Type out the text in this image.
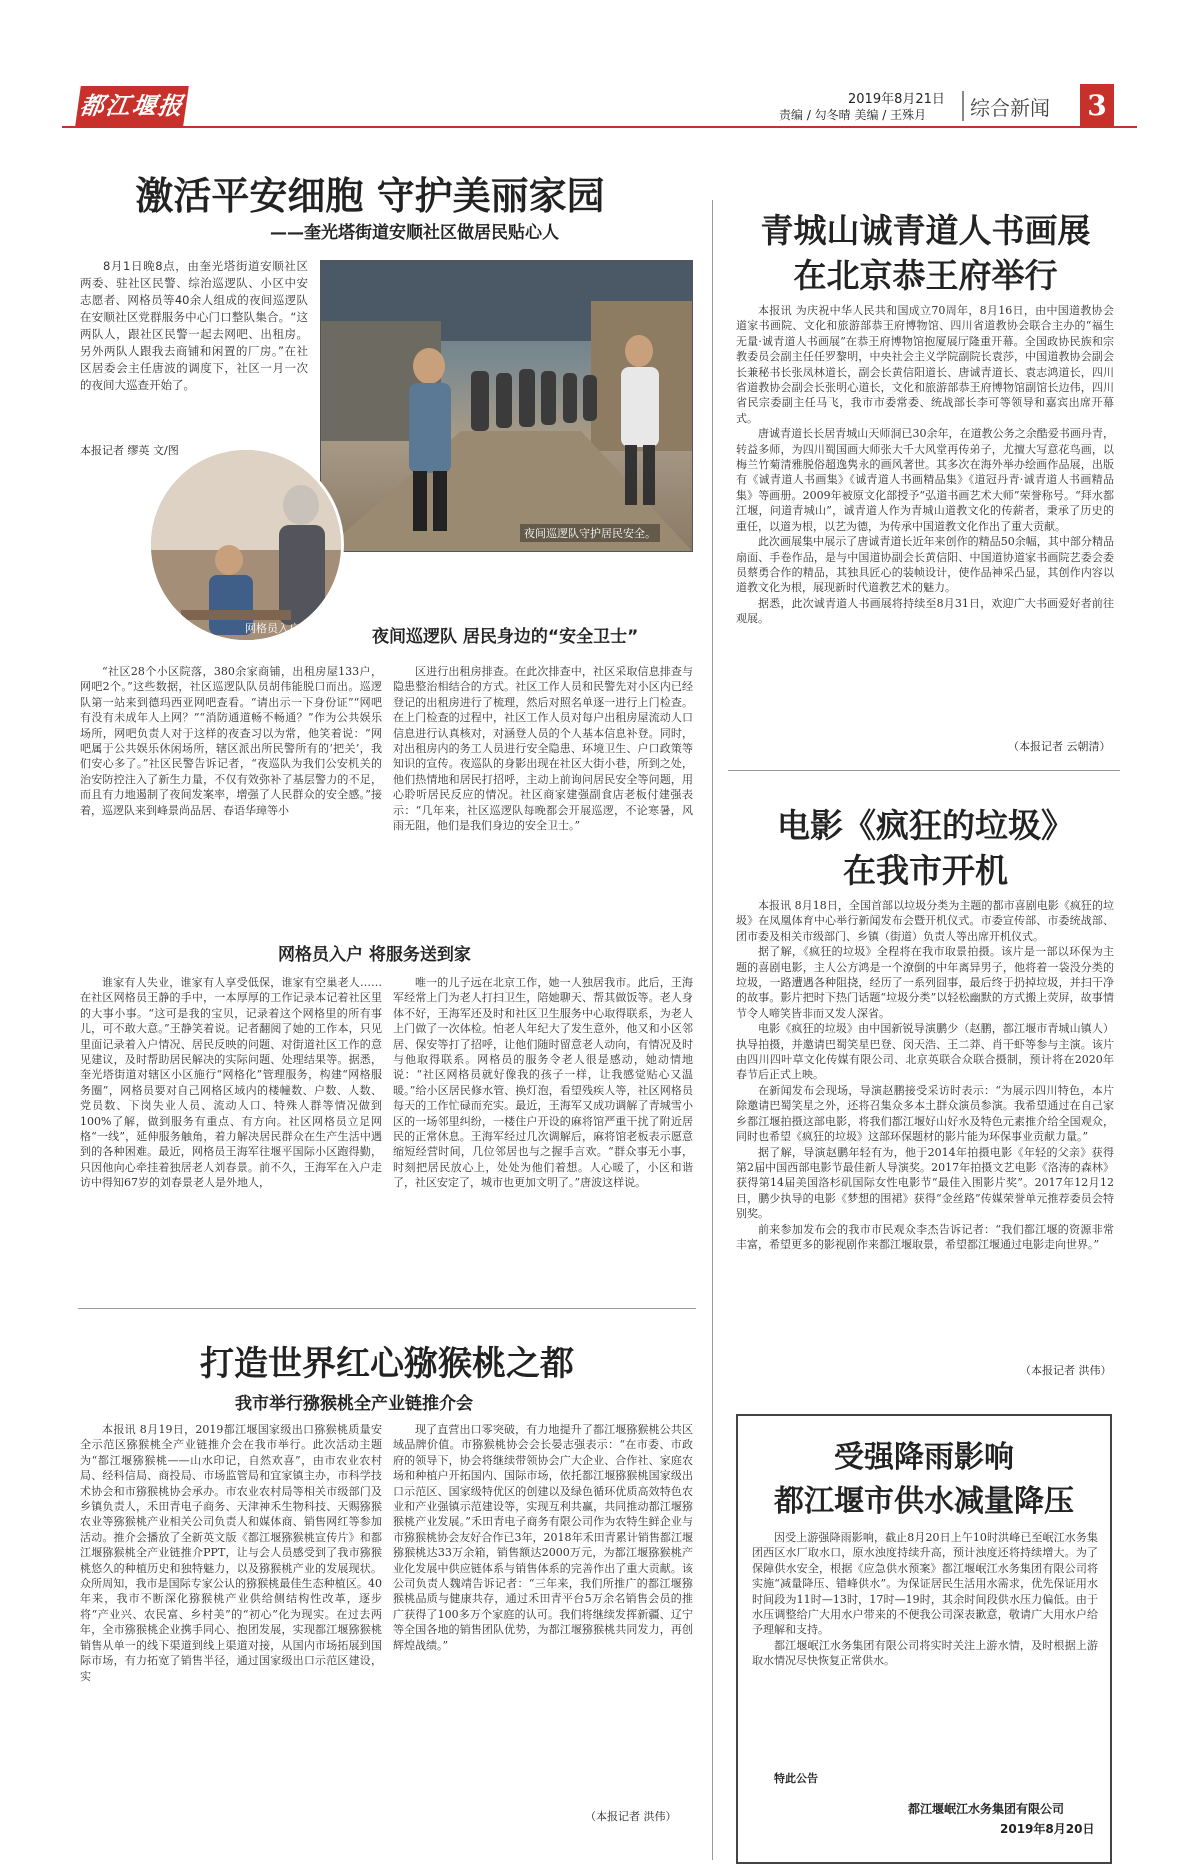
都江堰报	2019年8月21日
责编 / 勾冬晴 美编 / 王殊月 综合新闻 3
激活平安细胞 守护美丽家园
——奎光塔街道安顺社区做居民贴心人
8月1日晚8点，由奎光塔街道安顺社区两委、驻社区民警、综治巡逻队、小区中安志愿者、网格员等40余人组成的夜间巡逻队在安顺社区党群服务中心门口整队集合。“这两队人，跟社区民警一起去网吧、出租房。另外两队人跟我去商铺和闲置的厂房。”在社区居委会主任唐波的调度下，社区一月一次的夜间大巡查开始了。
本报记者 缪英 文/图
夜间巡逻队守护居民安全。
网格员入户走访服务。 夜间巡逻队 居民身边的“安全卫士”
“社区28个小区院落，380余家商铺，出租房屋133户，网吧2个。”这些数据，社区巡逻队队员胡伟能脱口而出。巡逻队第一站来到德玛西亚网吧查看。“请出示一下身份证”“网吧有没有未成年人上网？”“消防通道畅不畅通？”作为公共娱乐场所，网吧负责人对于这样的夜查习以为常，他笑着说：“网吧属于公共娱乐休闲场所，辖区派出所民警所有的‘把关’，我们安心多了。”社区民警告诉记者，“夜巡队为我们公安机关的治安防控注入了新生力量，不仅有效弥补了基层警力的不足，而且有力地遏制了夜间发案率，增强了人民群众的安全感。”接着，巡逻队来到峰景尚品居、春语华璋等小
区进行出租房排查。在此次排查中，社区采取信息排查与隐患整治相结合的方式。社区工作人员和民警先对小区内已经登记的出租房进行了梳理，然后对照名单逐一进行上门检查。在上门检查的过程中，社区工作人员对每户出租房屋流动人口信息进行认真核对，对涵登人员的个人基本信息补登。同时，对出租房内的务工人员进行安全隐患、环境卫生、户口政策等知识的宣传。夜巡队的身影出现在社区大街小巷，所到之处，他们热情地和居民打招呼，主动上前询问居民安全等问题，用心聆听居民反应的情况。社区商家建强副食店老板付建强表示：“几年来，社区巡逻队每晚都会开展巡逻，不论寒暑，风雨无阻，他们是我们身边的安全卫士。”
网格员入户 将服务送到家
谁家有人失业，谁家有人享受低保，谁家有空巢老人……在社区网格员王静的手中，一本厚厚的工作记录本记着社区里的大事小事。“这可是我的宝贝，记录着这个网格里的所有事儿，可不敢大意。”王静笑着说。记者翻阅了她的工作本，只见里面记录着入户情况、居民反映的问题、对街道社区工作的意见建议，及时帮助居民解决的实际问题、处理结果等。据悉，奎光塔街道对辖区小区施行“网格化”管理服务，构建“网格服务圈”，网格员要对自己网格区域内的楼幢数、户数、人数、党员数、下岗失业人员、流动人口、特殊人群等情况做到100%了解，做到服务有重点、有方向。社区网格员立足网格“一线”，延伸服务触角，着力解决居民群众在生产生活中遇到的各种困难。最近，网格员王海军往堰平国际小区跑得勤，只因他向心牵挂着独居老人刘春景。前不久，王海军在入户走访中得知67岁的刘春景老人是外地人，
唯一的儿子远在北京工作，她一人独居我市。此后，王海军经常上门为老人打扫卫生，陪她聊天、帮其做饭等。老人身体不好，王海军还及时和社区卫生服务中心取得联系，为老人上门做了一次体检。怕老人年纪大了发生意外，他又和小区邻居、保安等打了招呼，让他们随时留意老人动向，有情况及时与他取得联系。网格员的服务令老人很是感动，她动情地说：“社区网格员就好像我的孩子一样，让我感觉贴心又温暖。”给小区居民修水管、换灯泡，看望残疾人等，社区网格员每天的工作忙碌而充实。最近，王海军又成功调解了青城雪小区的一场邻里纠纷，一楼住户开设的麻将馆严重干扰了附近居民的正常休息。王海军经过几次调解后，麻将馆老板表示愿意缩短经营时间，几位邻居也与之握手言欢。“群众事无小事，时刻把居民放心上，处处为他们着想。人心暖了，小区和谐了，社区安定了，城市也更加文明了。”唐波这样说。
打造世界红心猕猴桃之都
我市举行猕猴桃全产业链推介会
本报讯 8月19日，2019都江堰国家级出口猕猴桃质量安全示范区猕猴桃全产业链推介会在我市举行。此次活动主题为“都江堰猕猴桃——山水印记，自然欢喜”，由市农业农村局、经科信局、商投局、市场监管局和宜家镇主办，市科学技术协会和市猕猴桃协会承办。市农业农村局等相关市级部门及乡镇负责人，禾田青电子商务、天津神禾生物科技、天赐猕猴农业等猕猴桃产业相关公司负责人和媒体商、销售网红等参加活动。推介会播放了全新英文版《都江堰猕猴桃宣传片》和都江堰猕猴桃全产业链推介PPT，让与会人员感受到了我市猕猴桃悠久的种植历史和独特魅力，以及猕猴桃产业的发展现状。众所周知，我市是国际专家公认的猕猴桃最佳生态种植区。40年来，我市不断深化猕猴桃产业供给侧结构性改革，逐步将“产业兴、农民富、乡村美”的“初心”化为现实。在过去两年，全市猕猴桃企业携手同心、抱团发展，实现都江堰猕猴桃销售从单一的线下渠道到线上渠道对接，从国内市场拓展到国际市场，有力拓宽了销售半径，通过国家级出口示范区建设，实
现了直营出口零突破，有力地提升了都江堰猕猴桃公共区域品牌价值。市猕猴桃协会会长晏志强表示：“在市委、市政府的领导下，协会将继续带领协会广大企业、合作社、家庭农场和种植户开拓国内、国际市场，依托都江堰猕猴桃国家级出口示范区、国家级特优区的创建以及绿色循环优质高效特色农业和产业强镇示范建设等，实现互利共赢，共同推动都江堰猕猴桃产业发展。”禾田青电子商务有限公司作为农特生鲜企业与市猕猴桃协会友好合作已3年，2018年禾田青累计销售都江堰猕猴桃达33万余箱，销售额达2000万元，为都江堰猕猴桃产业化发展中供应链体系与销售体系的完善作出了重大贡献。该公司负责人魏靖告诉记者：“三年来，我们所推广的都江堰猕猴桃品质与健康共存，通过禾田青平台5万余名销售会员的推广获得了100多万个家庭的认可。我们将继续发挥新疆、辽宁等全国各地的销售团队优势，为都江堰猕猴桃共同发力，再创辉煌战绩。”
（本报记者 洪伟）
青城山诚青道人书画展
在北京恭王府举行

本报讯 为庆祝中华人民共和国成立70周年，8月16日，由中国道教协会道家书画院、文化和旅游部恭王府博物馆、四川省道教协会联合主办的“福生无量·诚青道人书画展”在恭王府博物馆抱厦展厅隆重开幕。全国政协民族和宗教委员会副主任任罗黎明，中央社会主义学院副院长袁莎，中国道教协会副会长兼秘书长张凤林道长，副会长黄信阳道长、唐诚青道长、袁志鸿道长，四川省道教协会副会长张明心道长，文化和旅游部恭王府博物馆副馆长边伟，四川省民宗委副主任马飞，我市市委常委、统战部长李可等领导和嘉宾出席开幕式。

唐诚青道长长居青城山天师洞已30余年，在道教公务之余酷爱书画丹青，转益多师，为四川蜀国画大师张大千大风堂再传弟子，尤擅大写意花鸟画，以梅兰竹菊清雅脱俗超逸隽永的画风著世。其多次在海外举办绘画作品展，出版有《诚青道人书画集》《诚青道人书画精品集》《道冠丹青·诚青道人书画精品集》等画册。2009年被原文化部授予“弘道书画艺术大师”荣誉称号。“拜水都江堰，问道青城山”，诚青道人作为青城山道教文化的传薪者，秉承了历史的重任，以道为根，以艺为德，为传承中国道教文化作出了重大贡献。

此次画展集中展示了唐诚青道长近年来创作的精品50余幅，其中部分精品扇面、手卷作品，是与中国道协副会长黄信阳、中国道协道家书画院艺委会委员蔡勇合作的精品，其独具匠心的装帧设计，使作品神采凸显，其创作内容以道教文化为根，展现新时代道教艺术的魅力。

据悉，此次诚青道人书画展将持续至8月31日，欢迎广大书画爱好者前往观展。

（本报记者 云朝清）
电影《疯狂的垃圾》
在我市开机

本报讯 8月18日，全国首部以垃圾分类为主题的都市喜剧电影《疯狂的垃圾》在凤凰体育中心举行新闻发布会暨开机仪式。市委宣传部、市委统战部、团市委及相关市级部门、乡镇（街道）负责人等出席开机仪式。

据了解，《疯狂的垃圾》全程将在我市取景拍摄。该片是一部以环保为主题的喜剧电影，主人公方鸿是一个潦倒的中年离异男子，他将着一袋没分类的垃圾，一路遭遇各种阻挠，经历了一系列囧事，最后终于扔掉垃圾，并扫干净的故事。影片把时下热门话题“垃圾分类”以轻松幽默的方式搬上荧屏，故事情节令人啼笑皆非而又发人深省。

电影《疯狂的垃圾》由中国新锐导演鹏少（赵鹏，都江堰市青城山镇人）执导拍摄，并邀请巴蜀笑星巴登、闵天浩、王二莽、肖干虾等参与主演。该片由四川四叶草文化传媒有限公司、北京英联合众联合摄制，预计将在2020年春节后正式上映。

在新闻发布会现场，导演赵鹏接受采访时表示：“为展示四川特色，本片除邀请巴蜀笑星之外，还将召集众多本土群众演员参演。我希望通过在自己家乡都江堰拍摄这部电影，将我们都江堰好山好水及特色元素推介给全国观众，同时也希望《疯狂的垃圾》这部环保题材的影片能为环保事业贡献力量。”

据了解，导演赵鹏年轻有为，他于2014年拍摄电影《年轻的父亲》获得第2届中国西部电影节最佳新人导演奖。2017年拍摄文艺电影《洛涛的森林》获得第14届美国洛杉矶国际女性电影节“最佳入围影片奖”。2017年12月12日，鹏少执导的电影《梦想的围裙》获得“金丝路”传媒荣誉单元推荐委员会特别奖。

前来参加发布会的我市市民观众李杰告诉记者：“我们都江堰的资源非常丰富，希望更多的影视剧作来都江堰取景，希望都江堰通过电影走向世界。”

（本报记者 洪伟）
受强降雨影响
都江堰市供水减量降压

因受上游强降雨影响，截止8月20日上午10时洪峰已至岷江水务集团西区水厂取水口，原水浊度持续升高，预计浊度还将持续增大。为了保障供水安全，根据《应急供水预案》都江堰岷江水务集团有限公司将实施“减量降压、错峰供水”。为保证居民生活用水需求，优先保证用水时间段为11时—13时，17时—19时，其余时间段供水压力偏低。由于水压调整给广大用水户带来的不便我公司深表歉意，敬请广大用水户给予理解和支持。

都江堰岷江水务集团有限公司将实时关注上游水情，及时根据上游取水情况尽快恢复正常供水。

特此公告
都江堰岷江水务集团有限公司
2019年8月20日
